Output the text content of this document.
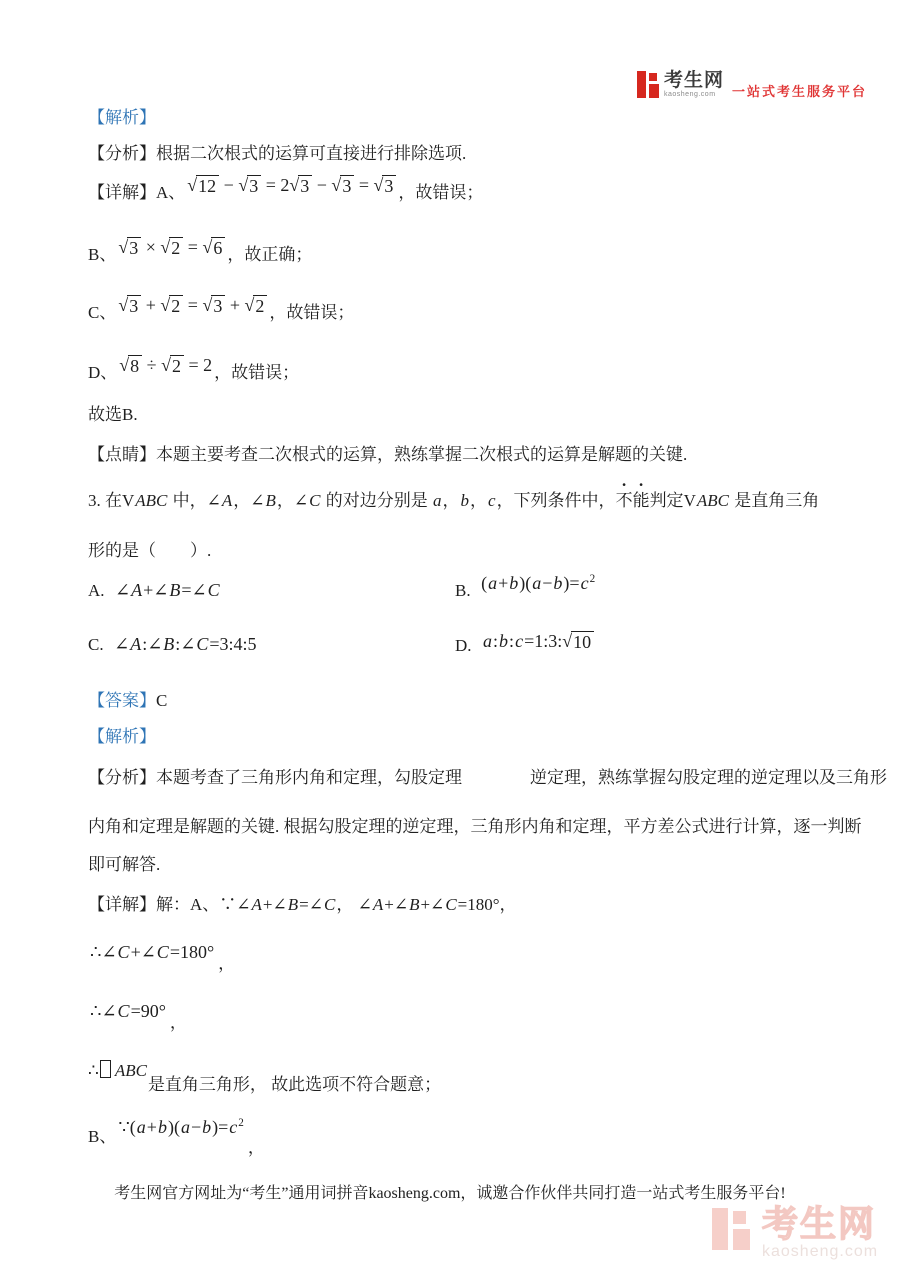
考生网
kaosheng.com	一站式考生服务平台
【解析】
【分析】根据二次根式的运算可直接进行排除选项.
【详解】A、 √12 − √3 = 2√3 − √3 = √3 ，故错误；
B、 √3 × √2 = √6 ，故正确；
C、 √3 + √2 = √3 + √2 ，故错误；
D、 √8 ÷ √2 = 2 ，故错误；
故选B.
【点睛】本题主要考查二次根式的运算，熟练掌握二次根式的运算是解题的关键.
3. 在VABC 中，∠A，∠B，∠C 的对边分别是 a，b，c，下列条件中，不能判定VABC 是直角三角
形的是（　　）.
A. ∠A+∠B=∠C	B. $(a+b)(a-b)=c^2$
C. ∠A:∠B:∠C=3:4:5	D. a:b:c=1:3:√10
【答案】C
【解析】
【分析】本题考查了三角形内角和定理，勾股定理　　　　逆定理，熟练掌握勾股定理的逆定理以及三角形
内角和定理是解题的关键. 根据勾股定理的逆定理，三角形内角和定理，平方差公式进行计算，逐一判断
即可解答.
【详解】解：A、∵∠A+∠B=∠C， ∠A+∠B+∠C=180°，
∴∠C+∠C=180°，
∴∠C=90°，
∴ ABC是直角三角形， 故此选项不符合题意；
B、 $\because(a+b)(a-b)=c^2$，
考生网官方网址为“考生”通用词拼音kaosheng.com，诚邀合作伙伴共同打造一站式考生服务平台!
考生网
kaosheng.com
